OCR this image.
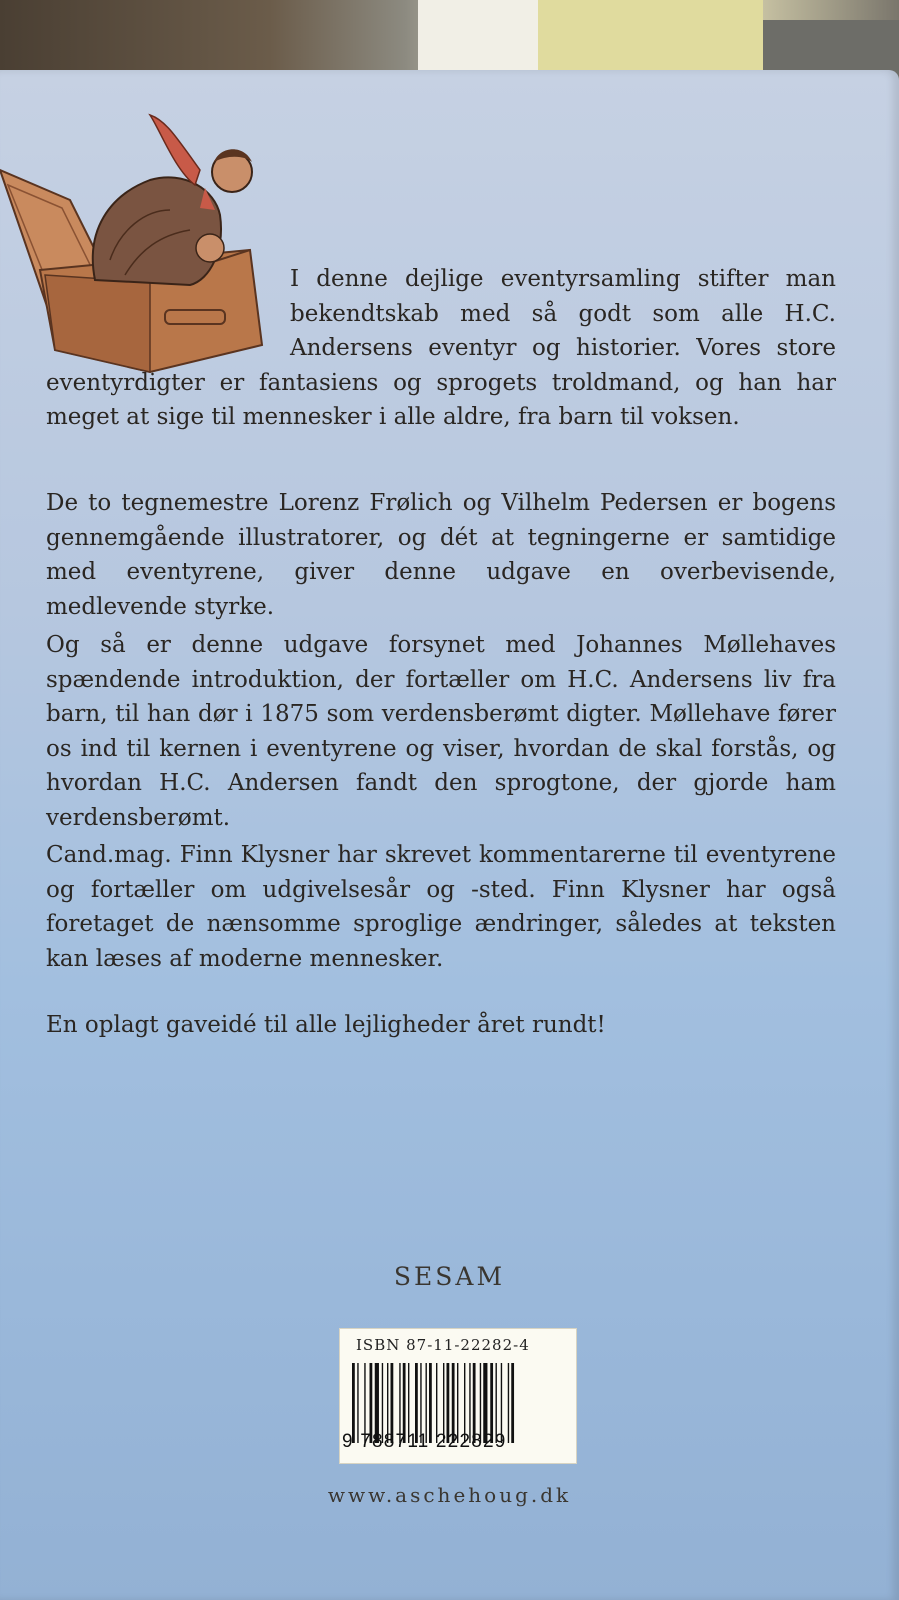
I denne dejlige eventyrsamling stifter man bekendtskab med så godt som alle H.C. Andersens eventyr og historier. Vores store eventyrdigter er fantasiens og sprogets troldmand, og han har meget at sige til mennesker i alle aldre, fra barn til voksen.
De to tegnemestre Lorenz Frølich og Vilhelm Pedersen er bogens gennemgående illustratorer, og dét at tegningerne er samtidige med eventyrene, giver denne udgave en overbevisende, medlevende styrke.
Og så er denne udgave forsynet med Johannes Møllehaves spændende introduktion, der fortæller om H.C. Andersens liv fra barn, til han dør i 1875 som verdensberømt digter. Møllehave fører os ind til kernen i eventyrene og viser, hvordan de skal forstås, og hvordan H.C. Andersen fandt den sprogtone, der gjorde ham verdensberømt.
Cand.mag. Finn Klysner har skrevet kommentarerne til eventyrene og fortæller om udgivelsesår og -sted. Finn Klysner har også foretaget de nænsomme sproglige ændringer, således at teksten kan læses af moderne mennesker.
En oplagt gaveidé til alle lejligheder året rundt!
SESAM
ISBN 87-11-22282-4
9 788711 222829
www.aschehoug.dk
